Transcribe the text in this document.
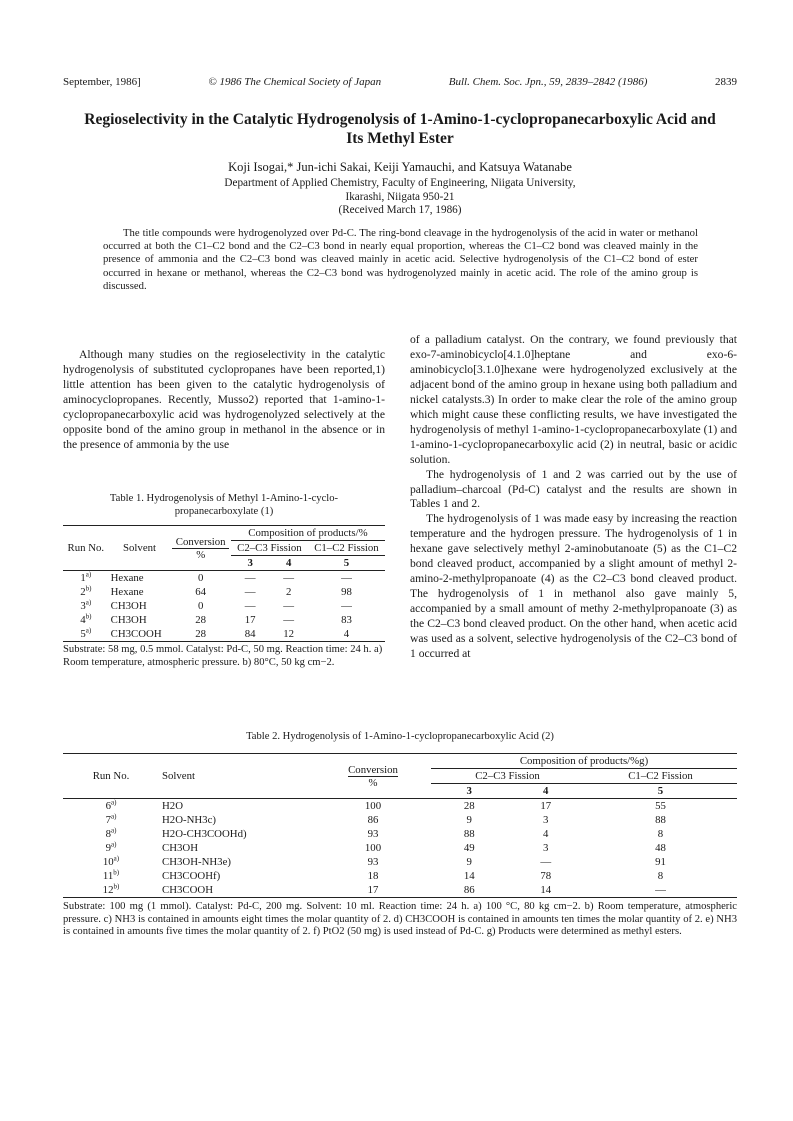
September, 1986]	© 1986 The Chemical Society of Japan	Bull. Chem. Soc. Jpn., 59, 2839–2842 (1986)	2839
Regioselectivity in the Catalytic Hydrogenolysis of 1-Amino-1-cyclopropanecarboxylic Acid and Its Methyl Ester
Koji Isogai,* Jun-ichi Sakai, Keiji Yamauchi, and Katsuya Watanabe
Department of Applied Chemistry, Faculty of Engineering, Niigata University,
Ikarashi, Niigata 950-21
(Received March 17, 1986)
The title compounds were hydrogenolyzed over Pd-C. The ring-bond cleavage in the hydrogenolysis of the acid in water or methanol occurred at both the C1–C2 bond and the C2–C3 bond in nearly equal proportion, whereas the C1–C2 bond was cleaved mainly in the presence of ammonia and the C2–C3 bond was cleaved mainly in acetic acid. Selective hydrogenolysis of the C1–C2 bond of ester occurred in hexane or methanol, whereas the C2–C3 bond was hydrogenolyzed mainly in acetic acid. The role of the amino group is discussed.

Although many studies on the regioselectivity in the catalytic hydrogenolysis of substituted cyclopropanes have been reported,1) little attention has been given to the catalytic hydrogenolysis of aminocyclopropanes. Recently, Musso2) reported that 1-amino-1-cyclopropanecarboxylic acid was hydrogenolyzed selectively at the opposite bond of the amino group in methanol in the absence or in the presence of ammonia by the use

Table 1. Hydrogenolysis of Methyl 1-Amino-1-cyclo-
propanecarboxylate (1)
Run No.	Solvent	Conversion
%	Composition of products/%		
			C2–C3 Fission		C1–C2 Fission
			3	4	5
1$^{a)}$	Hexane	0	—	—	—
2$^{b)}$	Hexane	64	—	2	98
3$^{a)}$	CH3OH	0	—	—	—
4$^{b)}$	CH3OH	28	17	—	83
5$^{a)}$	CH3COOH	28	84	12	4
Substrate: 58 mg, 0.5 mmol. Catalyst: Pd-C, 50 mg. Reaction time: 24 h. a) Room temperature, atmospheric pressure. b) 80°C, 50 kg cm−2.

of a palladium catalyst. On the contrary, we found previously that exo-7-aminobicyclo[4.1.0]heptane and exo-6-aminobicyclo[3.1.0]hexane were hydrogenolyzed exclusively at the adjacent bond of the amino group in hexane using both palladium and nickel catalysts.3) In order to make clear the role of the amino group which might cause these conflicting results, we have investigated the hydrogenolysis of methyl 1-amino-1-cyclopropanecarboxylate (1) and 1-amino-1-cyclopropanecarboxylic acid (2) in neutral, basic or acidic solution.

The hydrogenolysis of 1 and 2 was carried out by the use of palladium–charcoal (Pd-C) catalyst and the results are shown in Tables 1 and 2.

The hydrogenolysis of 1 was made easy by increasing the reaction temperature and the hydrogen pressure. The hydrogenolysis of 1 in hexane gave selectively methyl 2-aminobutanoate (5) as the C1–C2 bond cleaved product, accompanied by a slight amount of methyl 2-amino-2-methylpropanoate (4) as the C2–C3 bond cleaved product. The hydrogenolysis of 1 in methanol also gave mainly 5, accompanied by a small amount of methy 2-methylpropanoate (3) as the C2–C3 bond cleaved product. On the other hand, when acetic acid was used as a solvent, selective hydrogenolysis of the C2–C3 bond of 1 occurred at

Table 2. Hydrogenolysis of 1-Amino-1-cyclopropanecarboxylic Acid (2)
Run No.	Solvent	Conversion
%	Composition of products/%g)		
			C2–C3 Fission		C1–C2 Fission
			3	4	5
6$^{a)}$	H2O	100	28	17	55
7$^{a)}$	H2O-NH3c)	86	9	3	88
8$^{a)}$	H2O-CH3COOHd)	93	88	4	8
9$^{a)}$	CH3OH	100	49	3	48
10$^{a)}$	CH3OH-NH3e)	93	9	—	91
11$^{b)}$	CH3COOHf)	18	14	78	8
12$^{b)}$	CH3COOH	17	86	14	—
Substrate: 100 mg (1 mmol). Catalyst: Pd-C, 200 mg. Solvent: 10 ml. Reaction time: 24 h. a) 100 °C, 80 kg cm−2. b) Room temperature, atmospheric pressure. c) NH3 is contained in amounts eight times the molar quantity of 2. d) CH3COOH is contained in amounts ten times the molar quantity of 2. e) NH3 is contained in amounts five times the molar quantity of 2. f) PtO2 (50 mg) is used instead of Pd-C. g) Products were determined as methyl esters.
